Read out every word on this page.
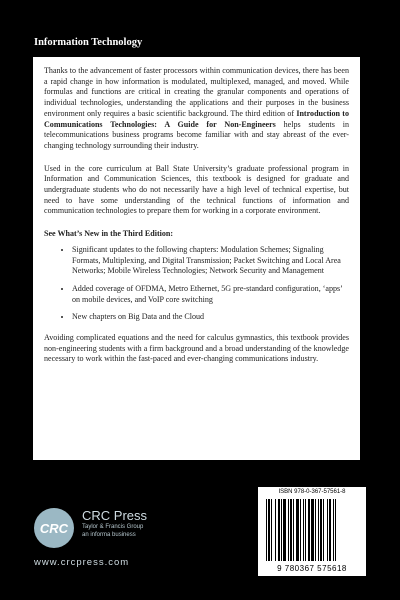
Information Technology

Thanks to the advancement of faster processors within communication devices, there has been a rapid change in how information is modulated, multiplexed, managed, and moved. While formulas and functions are critical in creating the granular components and operations of individual technologies, understanding the applications and their purposes in the business environment only requires a basic scientific background. The third edition of Introduction to Communications Technologies: A Guide for Non-Engineers helps students in telecommunications business programs become familiar with and stay abreast of the ever-changing technology surrounding their industry.

Used in the core curriculum at Ball State University’s graduate professional program in Information and Communication Sciences, this textbook is designed for graduate and undergraduate students who do not necessarily have a high level of technical expertise, but need to have some understanding of the technical functions of information and communication technologies to prepare them for working in a corporate environment.

See What’s New in the Third Edition:
• Significant updates to the following chapters: Modulation Schemes; Signaling Formats, Multiplexing, and Digital Transmission; Packet Switching and Local Area Networks; Mobile Wireless Technologies; Network Security and Management
• Added coverage of OFDMA, Metro Ethernet, 5G pre-standard configuration, ‘apps’ on mobile devices, and VoIP core switching
• New chapters on Big Data and the Cloud

Avoiding complicated equations and the need for calculus gymnastics, this textbook provides non-engineering students with a firm background and a broad understanding of the knowledge necessary to work within the fast-paced and ever-changing communications industry.

CRC
CRC Press
Taylor & Francis Group
an informa business
www.crcpress.com
ISBN 978-0-367-57561-8
9 780367 575618
